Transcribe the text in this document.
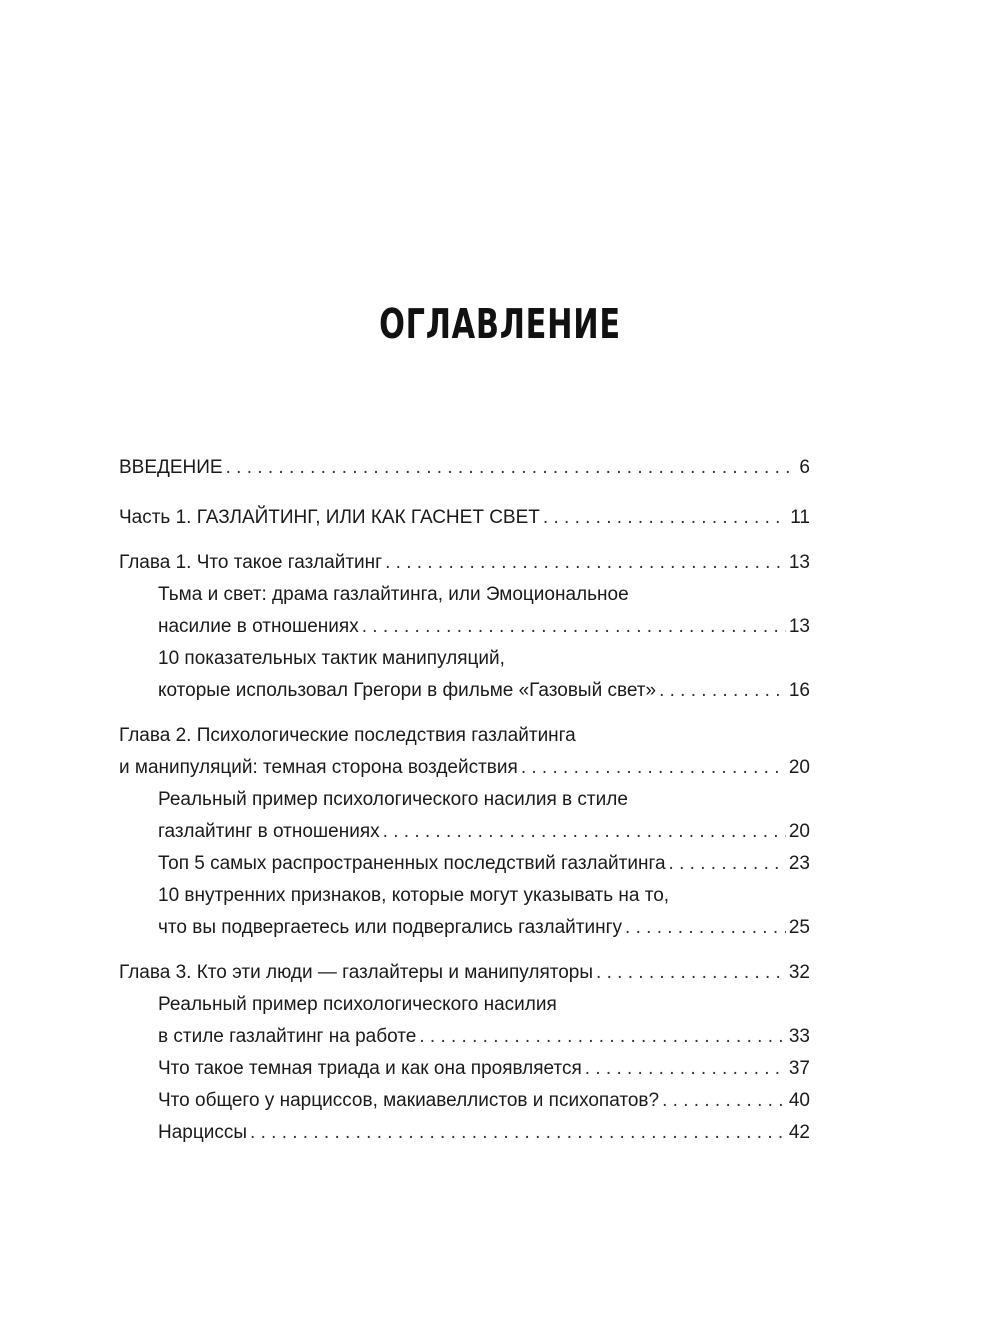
ОГЛАВЛЕНИЕ
ВВЕДЕНИЕ . . .	6
Часть 1. ГАЗЛАЙТИНГ, ИЛИ КАК ГАСНЕТ СВЕТ . . .	11
Глава 1. Что такое газлайтинг . . .	13
Тьма и свет: драма газлайтинга, или Эмоциональное
насилие в отношениях . . .	13
10 показательных тактик манипуляций,
которые использовал Грегори в фильме «Газовый свет» . . .	16
Глава 2. Психологические последствия газлайтинга
и манипуляций: темная сторона воздействия . . .	20
Реальный пример психологического насилия в стиле
газлайтинг в отношениях . . .	20
Топ 5 самых распространенных последствий газлайтинга . . .	23
10 внутренних признаков, которые могут указывать на то,
что вы подвергаетесь или подвергались газлайтингу . . .	25
Глава 3. Кто эти люди — газлайтеры и манипуляторы . . .	32
Реальный пример психологического насилия
в стиле газлайтинг на работе . . .	33
Что такое темная триада и как она проявляется . . .	37
Что общего у нарциссов, макиавеллистов и психопатов? . . .	40
Нарциссы . . .	42
